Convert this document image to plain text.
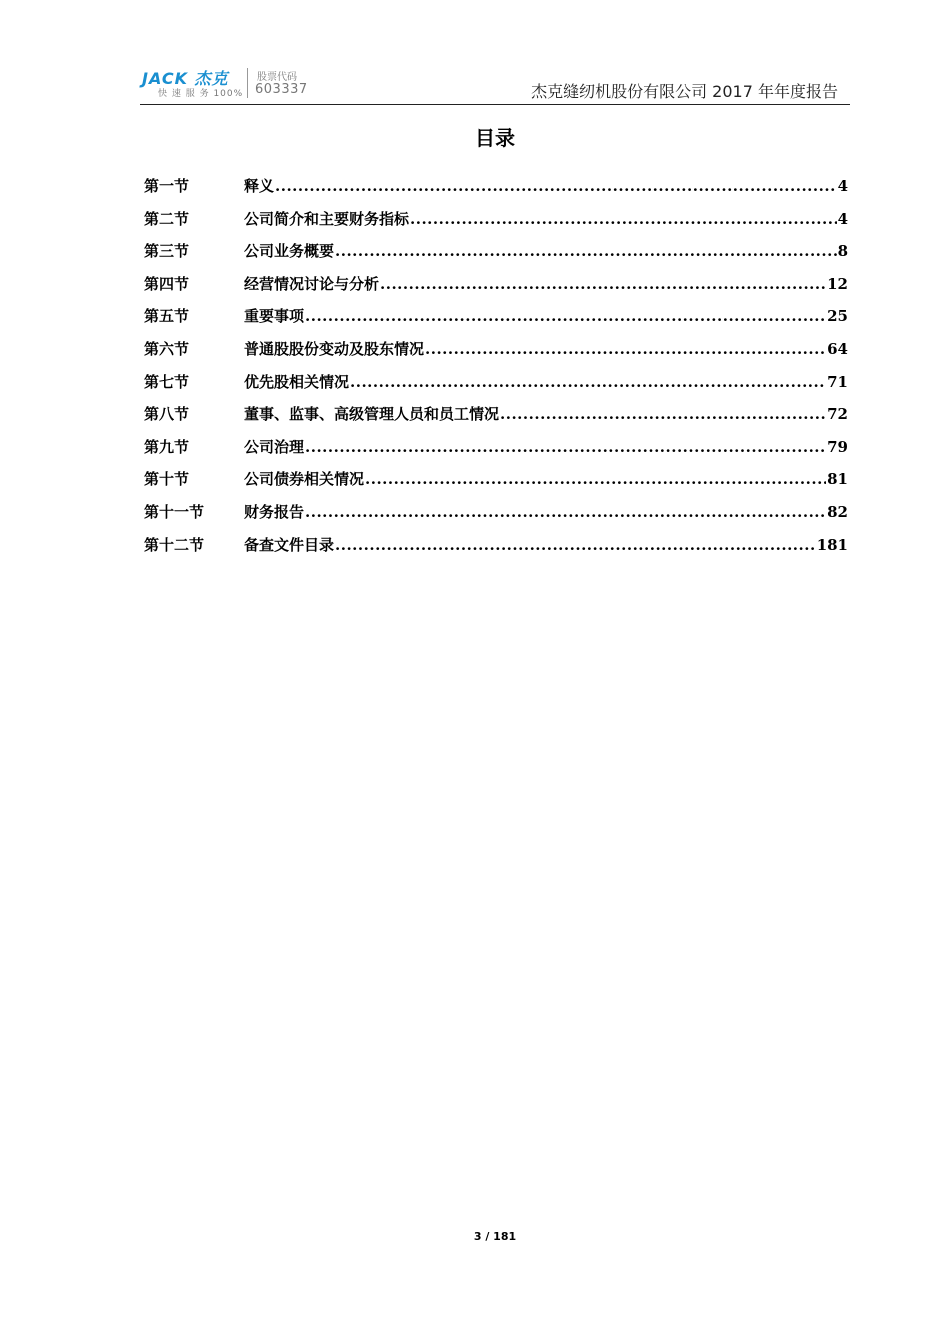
JACK 杰克
快 速 服 务 100%
股票代码
603337	杰克缝纫机股份有限公司 2017 年年度报告
目录
第一节	释义 .....	4
第二节	公司简介和主要财务指标 .....	4
第三节	公司业务概要 .....	8
第四节	经营情况讨论与分析 .....	12
第五节	重要事项 .....	25
第六节	普通股股份变动及股东情况 .....	64
第七节	优先股相关情况 .....	71
第八节	董事、监事、高级管理人员和员工情况 .....	72
第九节	公司治理 .....	79
第十节	公司债券相关情况 .....	81
第十一节	财务报告 .....	82
第十二节	备查文件目录 .....	181
3 / 181
